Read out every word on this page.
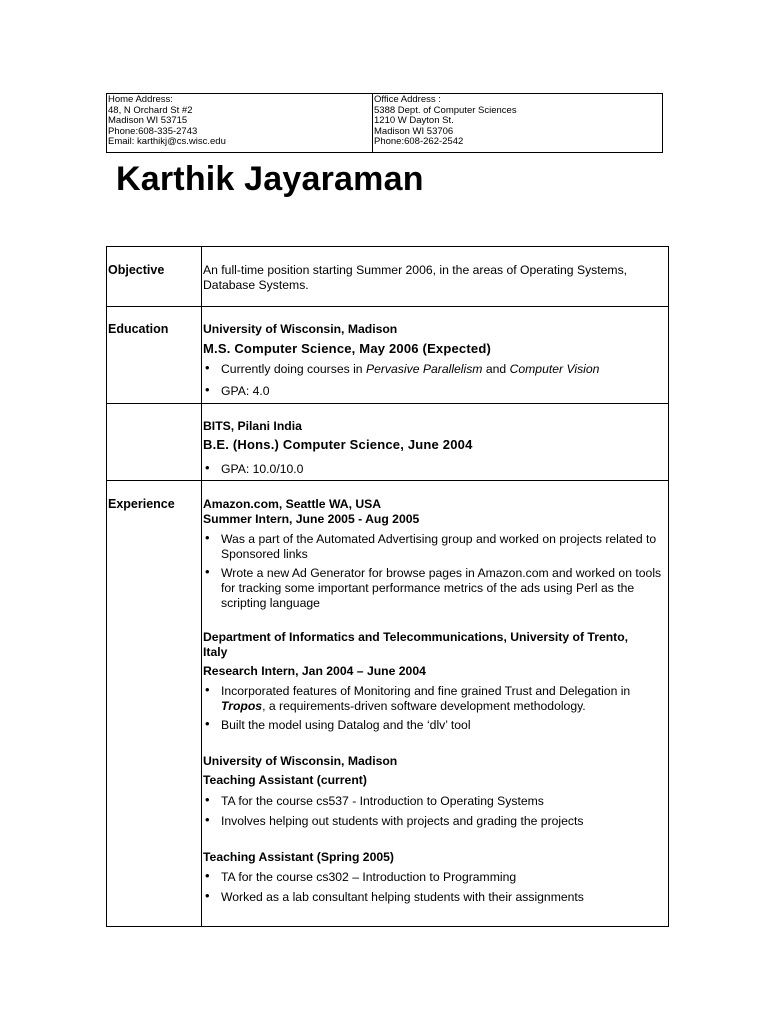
Home Address:
48, N Orchard St #2
Madison WI 53715
Phone:608-335-2743
Email: karthikj@cs.wisc.edu
Office Address :
5388 Dept. of Computer Sciences
1210 W Dayton St.
Madison WI 53706
Phone:608-262-2542
Karthik Jayaraman
Objective	An full-time position starting Summer 2006, in the areas of Operating Systems,
Database Systems.
Education	University of Wisconsin, Madison
M.S. Computer Science, May 2006 (Expected)
• Currently doing courses in Pervasive Parallelism and Computer Vision
• GPA: 4.0
BITS, Pilani India
B.E. (Hons.) Computer Science, June 2004
• GPA: 10.0/10.0
Experience Amazon.com, Seattle WA, USA
Summer Intern, June 2005 - Aug 2005
• Was a part of the Automated Advertising group and worked on projects related to
Sponsored links
• Wrote a new Ad Generator for browse pages in Amazon.com and worked on tools
for tracking some important performance metrics of the ads using Perl as the
scripting language
Department of Informatics and Telecommunications, University of Trento,
Italy
Research Intern, Jan 2004 – June 2004
• Incorporated features of Monitoring and fine grained Trust and Delegation in
Tropos, a requirements-driven software development methodology.
• Built the model using Datalog and the ‘dlv’ tool
University of Wisconsin, Madison
Teaching Assistant (current)
• TA for the course cs537 - Introduction to Operating Systems
• Involves helping out students with projects and grading the projects
Teaching Assistant (Spring 2005)
• TA for the course cs302 – Introduction to Programming
• Worked as a lab consultant helping students with their assignments
